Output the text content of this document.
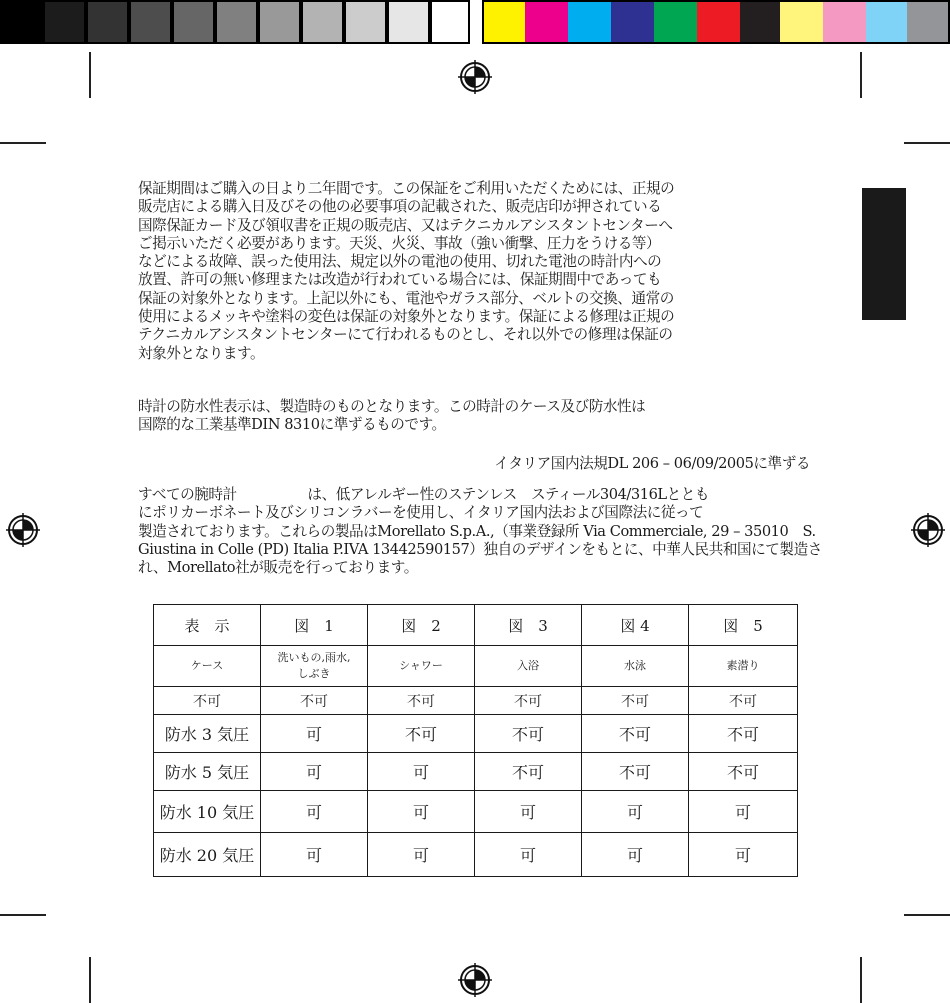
保証期間はご購入の日より二年間です。この保証をご利用いただくためには、正規の
販売店による購入日及びその他の必要事項の記載された、販売店印が押されている
国際保証カード及び領収書を正規の販売店、又はテクニカルアシスタントセンターへ
ご掲示いただく必要があります。天災、火災、事故（強い衝撃、圧力をうける等）
などによる故障、誤った使用法、規定以外の電池の使用、切れた電池の時計内への
放置、許可の無い修理または改造が行われている場合には、保証期間中であっても
保証の対象外となります。上記以外にも、電池やガラス部分、ベルトの交換、通常の
使用によるメッキや塗料の変色は保証の対象外となります。保証による修理は正規の
テクニカルアシスタントセンターにて行われるものとし、それ以外での修理は保証の
対象外となります。
時計の防水性表示は、製造時のものとなります。この時計のケース及び防水性は
国際的な工業基準DIN 8310に準ずるものです。
イタリア国内法規DL 206 – 06/09/2005に準ずる
すべての腕時計　　　　　は、低アレルギー性のステンレス　スティール304/316Lととも
にポリカーボネート及びシリコンラバーを使用し、イタリア国内法および国際法に従って
製造されております。これらの製品はMorellato S.p.A.,（事業登録所 Via Commerciale, 29 – 35010　S.
Giustina in Colle (PD) Italia P.IVA 13442590157）独自のデザインをもとに、中華人民共和国にて製造さ
れ、Morellato社が販売を行っております。
表　示	図　1	図　2	図　3	図 4	図　5
ケース	洗いもの,雨水,しぶき	シャワー	入浴	水泳	素潜り
不可	不可	不可	不可	不可	不可
防水 3 気圧	可	不可	不可	不可	不可
防水 5 気圧	可	可	不可	不可	不可
防水 10 気圧	可	可	可	可	可
防水 20 気圧	可	可	可	可	可
